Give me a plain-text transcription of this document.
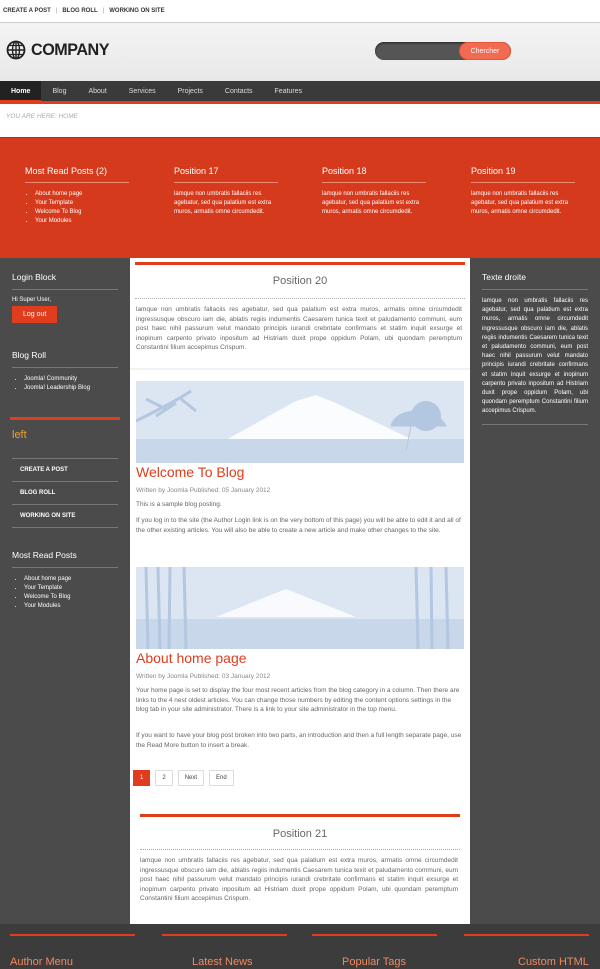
CREATE A POST | BLOG ROLL | WORKING ON SITE
COMPANY	Chercher
Home	Blog	About	Services	Projects	Contacts	Features
YOU ARE HERE: HOME
Most Read Posts (2)
• About home page
• Your Template
• Welcome To Blog
• Your Modules
Position 17

lamque non umbratis fallaciis res agebatur, sed qua palatium est extra muros, armatis omne circumdedit.

Position 18

lamque non umbratis fallaciis res agebatur, sed qua palatium est extra muros, armatis omne circumdedit.

Position 19

lamque non umbratis fallaciis res agebatur, sed qua palatium est extra muros, armatis omne circumdedit.

Login Block
Hi Super User,
Log out
Blog Roll
• Joomla! Community
• Joomla! Leadership Blog
left
CREATE A POST
BLOG ROLL
WORKING ON SITE
Most Read Posts
• About home page
• Your Template
• Welcome To Blog
• Your Modules
Position 20
lamque non umbratis fallaciis res agebatur, sed qua palatium est extra muros, armatis omne circumdedit ingressusque obscuro iam die, ablatis regiis indumentis Caesarem tunica texit et paludamento communi, eum post haec nihil passurum velut mandato principis iurandi crebritate confirmans et statim inquit exsurge et inopinum carpento privato inpositum ad Histriam duxit prope oppidum Polam, ubi quondam peremptum Constantini filium accepimus Crispum.
Welcome To Blog
Written by Joomla Published: 05 January 2012
This is a sample blog posting.
If you log in to the site (the Author Login link is on the very bottom of this page) you will be able to edit it and all of the other existing articles. You will also be able to create a new article and make other changes to the site.
About home page
Written by Joomla Published: 03 January 2012
Your home page is set to display the four most recent articles from the blog category in a column. Then there are links to the 4 nest oldest articles. You can change those numbers by editing the content options settings in the blog tab in your site administrator. There is a link to your site administrator in the top menu.
If you want to have your blog post broken into two parts, an introduction and then a full length separate page, use the Read More button to insert a break.
1	2	Next	End
Position 21
lamque non umbratis fallaciis res agebatur, sed qua palatium est extra muros, armatis omne circumdedit ingressusque obscuro iam die, ablatis regiis indumentis Caesarem tunica texit et paludamento communi, eum post haec nihil passurum velut mandato principis iurandi crebritate confirmans et statim inquit exsurge et inopinum carpento privato inpositum ad Histriam duxit prope oppidum Polam, ubi quondam peremptum Constantini filium accepimus Crispum.
Texte droite
lamque non umbratis fallaciis res agebatur, sed qua palatium est extra muros, armatis omne circumdedit ingressusque obscuro iam die, ablatis regiis indumentis Caesarem tunica texit et paludamento communi, eum post haec nihil passurum velut mandato principis iurandi crebritate confirmans et statim inquit exsurge et inopinum carpento privato inpositum ad Histriam duxit prope oppidum Polam, ubi quondam peremptum Constantini filium accepimus Crispum.
Author Menu	Latest News	Popular Tags	Custom HTML
